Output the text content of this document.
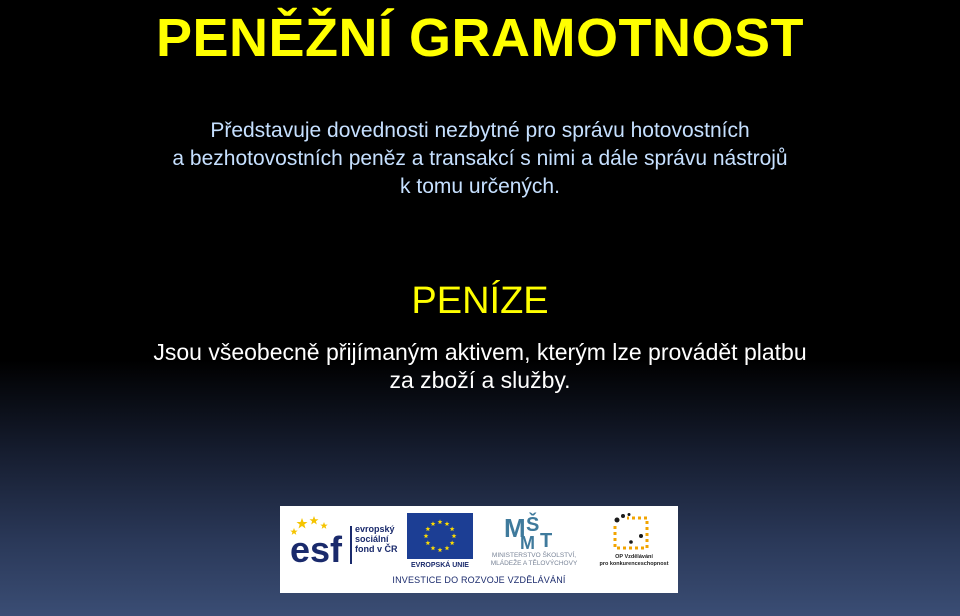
PENĚŽNÍ GRAMOTNOST
Představuje dovednosti nezbytné pro správu hotovostních
a bezhotovostních peněz a transakcí s nimi a dále správu nástrojů
k tomu určených.
PENÍZE
Jsou všeobecně přijímaným aktivem, kterým lze provádět platbu
za zboží a služby.
esf evropský
sociální
fond v ČR
EVROPSKÁ UNIE
M Š
M T
MINISTERSTVO ŠKOLSTVÍ,
MLÁDEŽE A TĚLOVÝCHOVY
OP Vzdělávání
pro konkurenceschopnost
INVESTICE DO ROZVOJE VZDĚLÁVÁNÍ
